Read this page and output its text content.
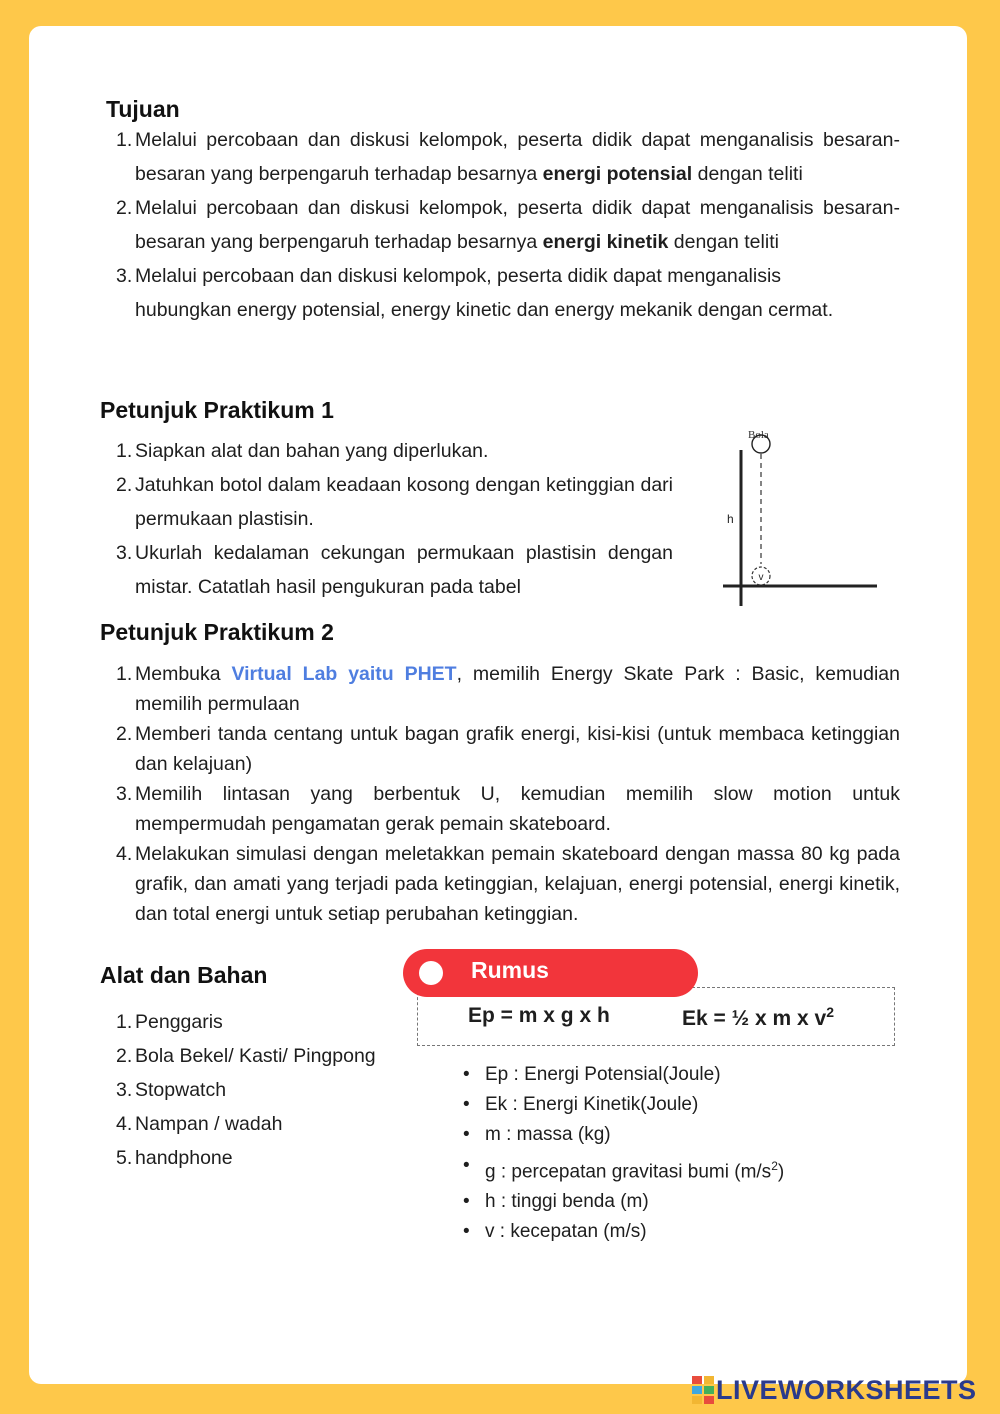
Tujuan
1. Melalui percobaan dan diskusi kelompok, peserta didik dapat menganalisis besaran-besaran yang berpengaruh terhadap besarnya energi potensial dengan teliti
2. Melalui percobaan dan diskusi kelompok, peserta didik dapat menganalisis besaran-besaran yang berpengaruh terhadap besarnya energi kinetik dengan teliti
3. Melalui percobaan dan diskusi kelompok, peserta didik dapat menganalisis
hubungkan energy potensial, energy kinetic dan energy mekanik dengan cermat.
Petunjuk Praktikum 1
1. Siapkan alat dan bahan yang diperlukan.
2. Jatuhkan botol dalam keadaan kosong dengan ketinggian dari permukaan plastisin.
3. Ukurlah kedalaman cekungan permukaan plastisin dengan mistar. Catatlah hasil pengukuran pada tabel
Bola
v
h
Petunjuk Praktikum 2
1. Membuka Virtual Lab yaitu PHET, memilih Energy Skate Park : Basic, kemudian memilih permulaan
2. Memberi tanda centang untuk bagan grafik energi, kisi-kisi (untuk membaca ketinggian dan kelajuan)
3. Memilih lintasan yang berbentuk U, kemudian memilih slow motion untuk mempermudah pengamatan gerak pemain skateboard.
4. Melakukan simulasi dengan meletakkan pemain skateboard dengan massa 80 kg pada grafik, dan amati yang terjadi pada ketinggian, kelajuan, energi potensial, energi kinetik, dan total energi untuk setiap perubahan ketinggian.
Alat dan Bahan
1. Penggaris
2. Bola Bekel/ Kasti/ Pingpong
3. Stopwatch
4. Nampan / wadah
5. handphone
Ep = m x g x h	Ek = ½ x m x $v^2$
Rumus
• Ep : Energi Potensial(Joule)
• Ek : Energi Kinetik(Joule)
• m : massa (kg)
• g : percepatan gravitasi bumi $(m/s^2)$
• h : tinggi benda (m)
• v : kecepatan (m/s)
LIVEWORKSHEETS
